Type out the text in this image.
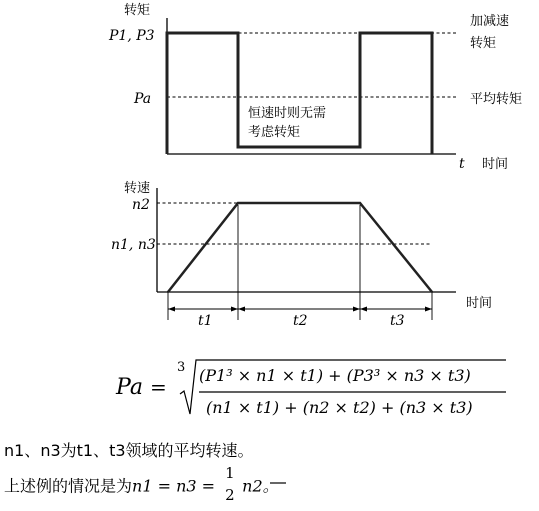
转矩
P1, P3
Pa
加减速
转矩
平均转矩
恒速时则无需
考虑转矩
t 时间
转速
n2
n1, n3
时间
t1	t2	t3
Pa =
3 (P1³ × n1 × t1) + (P3³ × n3 × t3)
(n1 × t1) + (n2 × t2) + (n3 × t3)
n1、n3为t1、t3领域的平均转速。
上述例的情况是为n1 = n3 =
1
2 n2。
